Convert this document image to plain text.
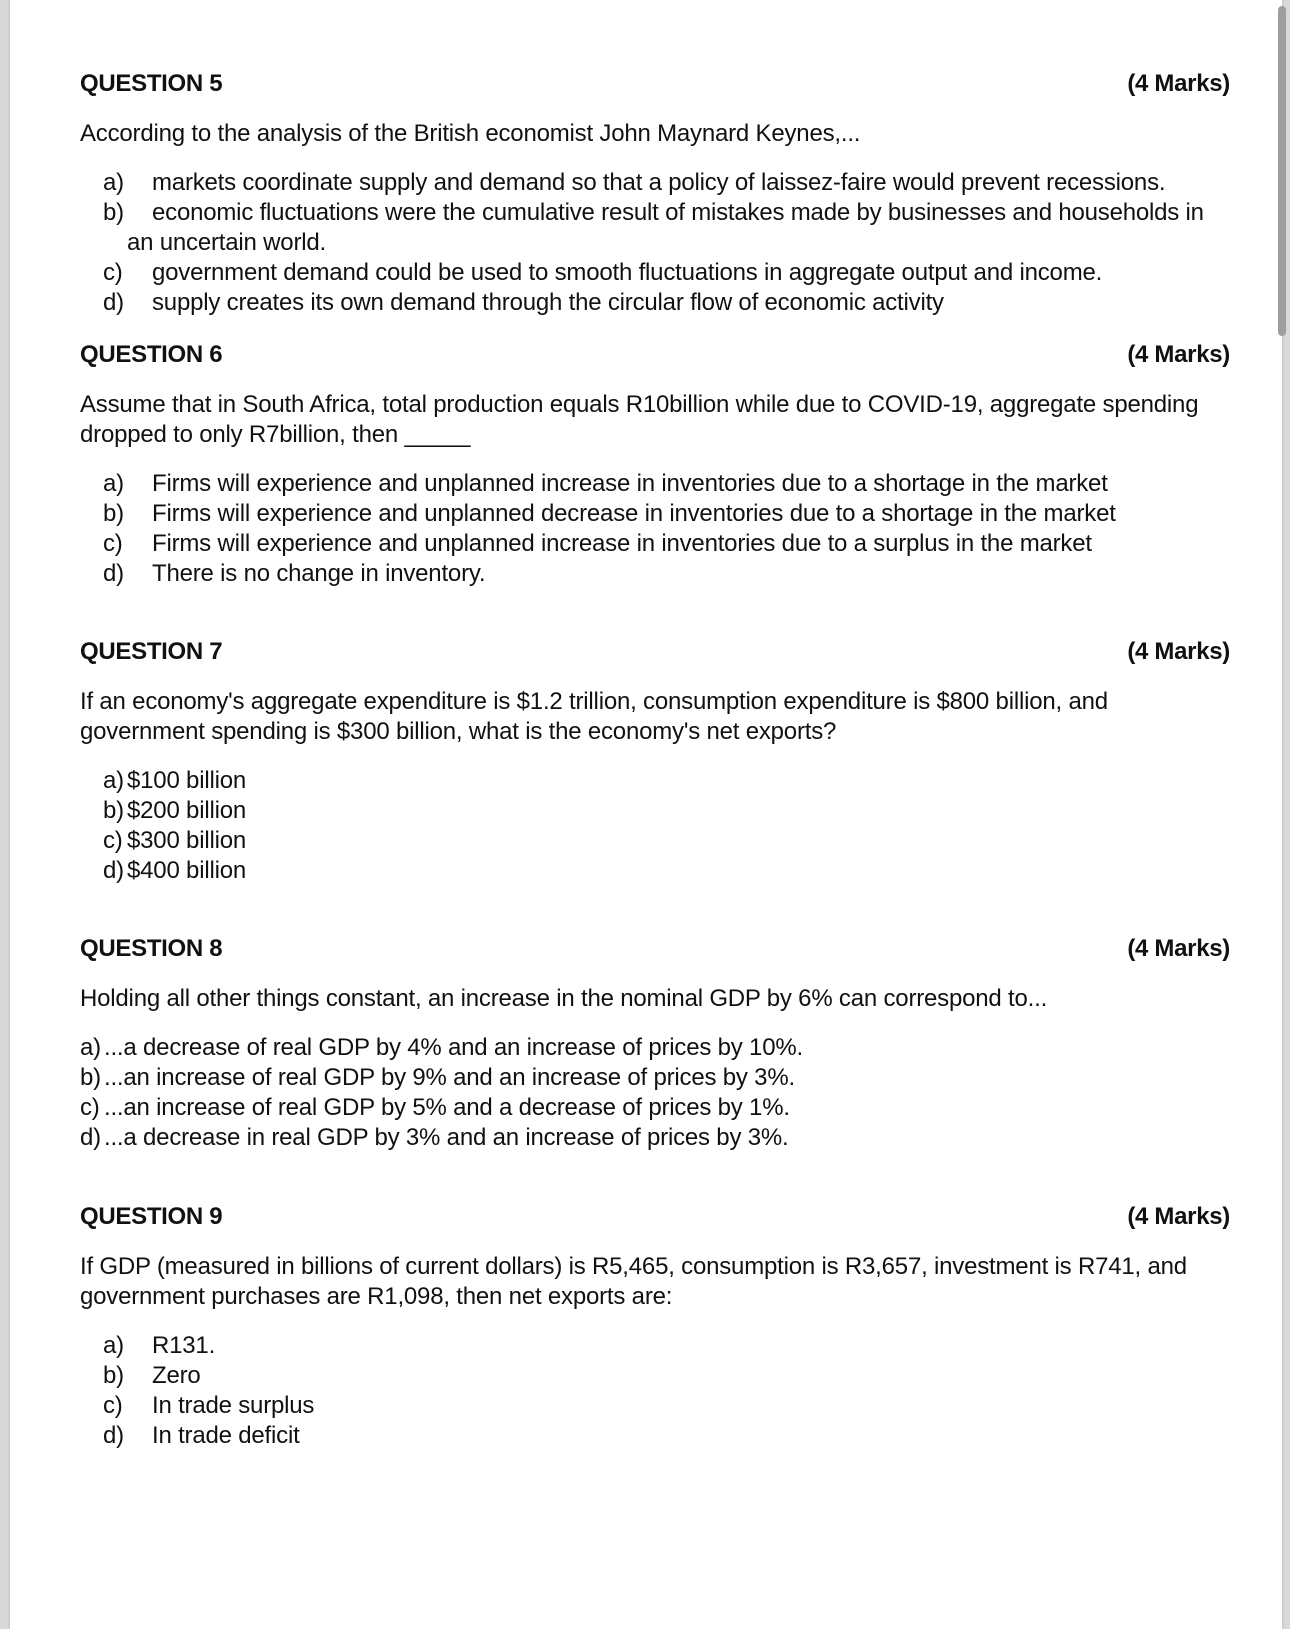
QUESTION 5	(4 Marks)
According to the analysis of the British economist John Maynard Keynes,...
a) markets coordinate supply and demand so that a policy of laissez-faire would prevent recessions.
b) economic fluctuations were the cumulative result of mistakes made by businesses and households in
an uncertain world.
c) government demand could be used to smooth fluctuations in aggregate output and income.
d) supply creates its own demand through the circular flow of economic activity
QUESTION 6	(4 Marks)
Assume that in South Africa, total production equals R10billion while due to COVID-19, aggregate spending
dropped to only R7billion, then _____
a) Firms will experience and unplanned increase in inventories due to a shortage in the market
b) Firms will experience and unplanned decrease in inventories due to a shortage in the market
c) Firms will experience and unplanned increase in inventories due to a surplus in the market
d) There is no change in inventory.
QUESTION 7	(4 Marks)
If an economy's aggregate expenditure is $1.2 trillion, consumption expenditure is $800 billion, and
government spending is $300 billion, what is the economy's net exports?
a) $100 billion
b) $200 billion
c) $300 billion
d) $400 billion
QUESTION 8	(4 Marks)
Holding all other things constant, an increase in the nominal GDP by 6% can correspond to...
a) ...a decrease of real GDP by 4% and an increase of prices by 10%.
b) ...an increase of real GDP by 9% and an increase of prices by 3%.
c) ...an increase of real GDP by 5% and a decrease of prices by 1%.
d) ...a decrease in real GDP by 3% and an increase of prices by 3%.
QUESTION 9	(4 Marks)
If GDP (measured in billions of current dollars) is R5,465, consumption is R3,657, investment is R741, and
government purchases are R1,098, then net exports are:
a) R131.
b) Zero
c) In trade surplus
d) In trade deficit
